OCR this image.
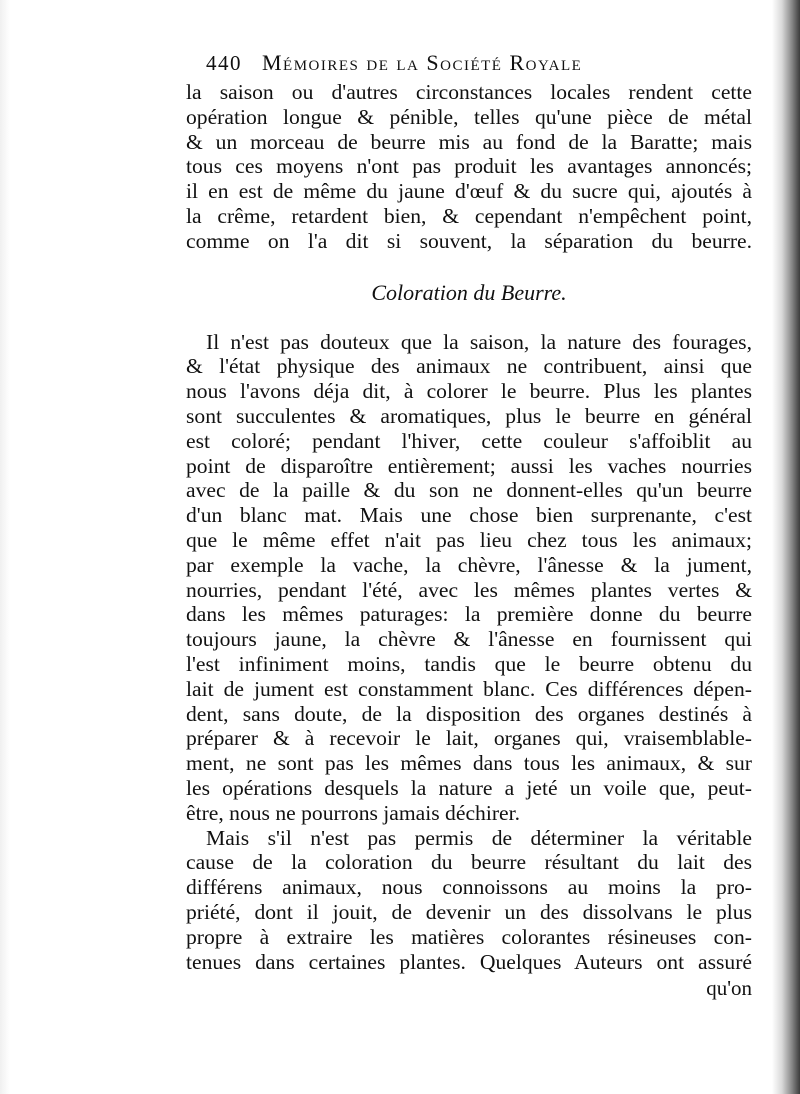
440 Mémoires de la Société Royale
la saison ou d'autres circonstances locales rendent cette
opération longue & pénible, telles qu'une pièce de métal
& un morceau de beurre mis au fond de la Baratte; mais
tous ces moyens n'ont pas produit les avantages annoncés;
il en est de même du jaune d'œuf & du sucre qui, ajoutés à
la crême, retardent bien, & cependant n'empêchent point,
comme on l'a dit si souvent, la séparation du beurre.
Coloration du Beurre.
Il n'est pas douteux que la saison, la nature des fourages,
& l'état physique des animaux ne contribuent, ainsi que
nous l'avons déja dit, à colorer le beurre. Plus les plantes
sont succulentes & aromatiques, plus le beurre en général
est coloré; pendant l'hiver, cette couleur s'affoiblit au
point de disparoître entièrement; aussi les vaches nourries
avec de la paille & du son ne donnent-elles qu'un beurre
d'un blanc mat. Mais une chose bien surprenante, c'est
que le même effet n'ait pas lieu chez tous les animaux;
par exemple la vache, la chèvre, l'ânesse & la jument,
nourries, pendant l'été, avec les mêmes plantes vertes &
dans les mêmes paturages: la première donne du beurre
toujours jaune, la chèvre & l'ânesse en fournissent qui
l'est infiniment moins, tandis que le beurre obtenu du
lait de jument est constamment blanc. Ces différences dépen-
dent, sans doute, de la disposition des organes destinés à
préparer & à recevoir le lait, organes qui, vraisemblable-
ment, ne sont pas les mêmes dans tous les animaux, & sur
les opérations desquels la nature a jeté un voile que, peut-
être, nous ne pourrons jamais déchirer.
Mais s'il n'est pas permis de déterminer la véritable
cause de la coloration du beurre résultant du lait des
différens animaux, nous connoissons au moins la pro-
priété, dont il jouit, de devenir un des dissolvans le plus
propre à extraire les matières colorantes résineuses con-
tenues dans certaines plantes. Quelques Auteurs ont assuré
qu'on
